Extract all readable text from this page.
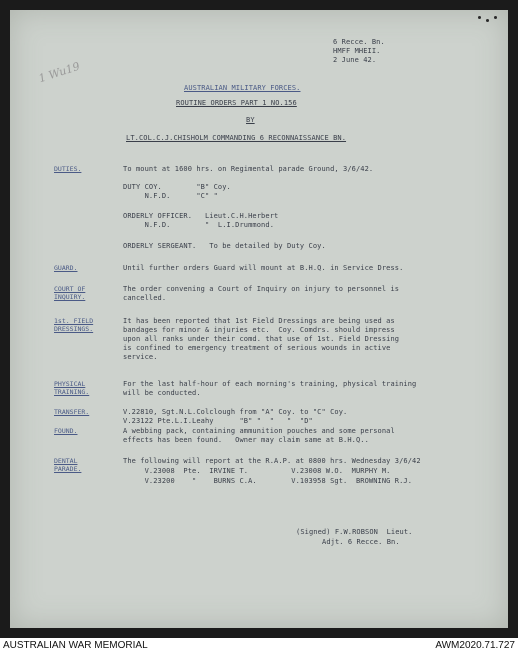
1 Wu19
6 Recce. Bn.
HMFF MHEII.
2 June 42.
AUSTRALIAN MILITARY FORCES.
ROUTINE ORDERS PART 1 NO.156
BY
LT.COL.C.J.CHISHOLM COMMANDING 6 RECONNAISSANCE BN.
DUTIES.	To mount at 1600 hrs. on Regimental parade Ground, 3/6/42.
DUTY COY.        "B" Coy.
N.F.D.      "C" "
ORDERLY OFFICER.   Lieut.C.H.Herbert
N.F.D.        "  L.I.Drummond.
ORDERLY SERGEANT.   To be detailed by Duty Coy.
GUARD.	Until further orders Guard will mount at B.H.Q. in Service Dress.
COURT OF
INQUIRY.
The order convening a Court of Inquiry on injury to personnel is
cancelled.
1st. FIELD
DRESSINGS.
It has been reported that 1st Field Dressings are being used as
bandages for minor & injuries etc.  Coy. Comdrs. should impress
upon all ranks under their comd. that use of 1st. Field Dressing
is confined to emergency treatment of serious wounds in active
service.
PHYSICAL
TRAINING.
For the last half-hour of each morning's training, physical training
will be conducted.
TRANSFER.	V.22810, Sgt.N.L.Colclough from "A" Coy. to "C" Coy.
V.23122 Pte.L.I.Leahy      "B" "  "   "  "D"
FOUND.	A webbing pack, containing ammunition pouches and some personal
effects has been found.   Owner may claim same at B.H.Q..
DENTAL
PARADE.
The following will report at the R.A.P. at 0800 hrs. Wednesday 3/6/42
V.23008  Pte.  IRVINE T.          V.23008 W.O.  MURPHY M.
V.23200    "    BURNS C.A.        V.103958 Sgt.  BROWNING R.J.
(Signed) F.W.ROBSON  Lieut.
Adjt. 6 Recce. Bn.
AUSTRALIAN WAR MEMORIAL	AWM2020.71.727
